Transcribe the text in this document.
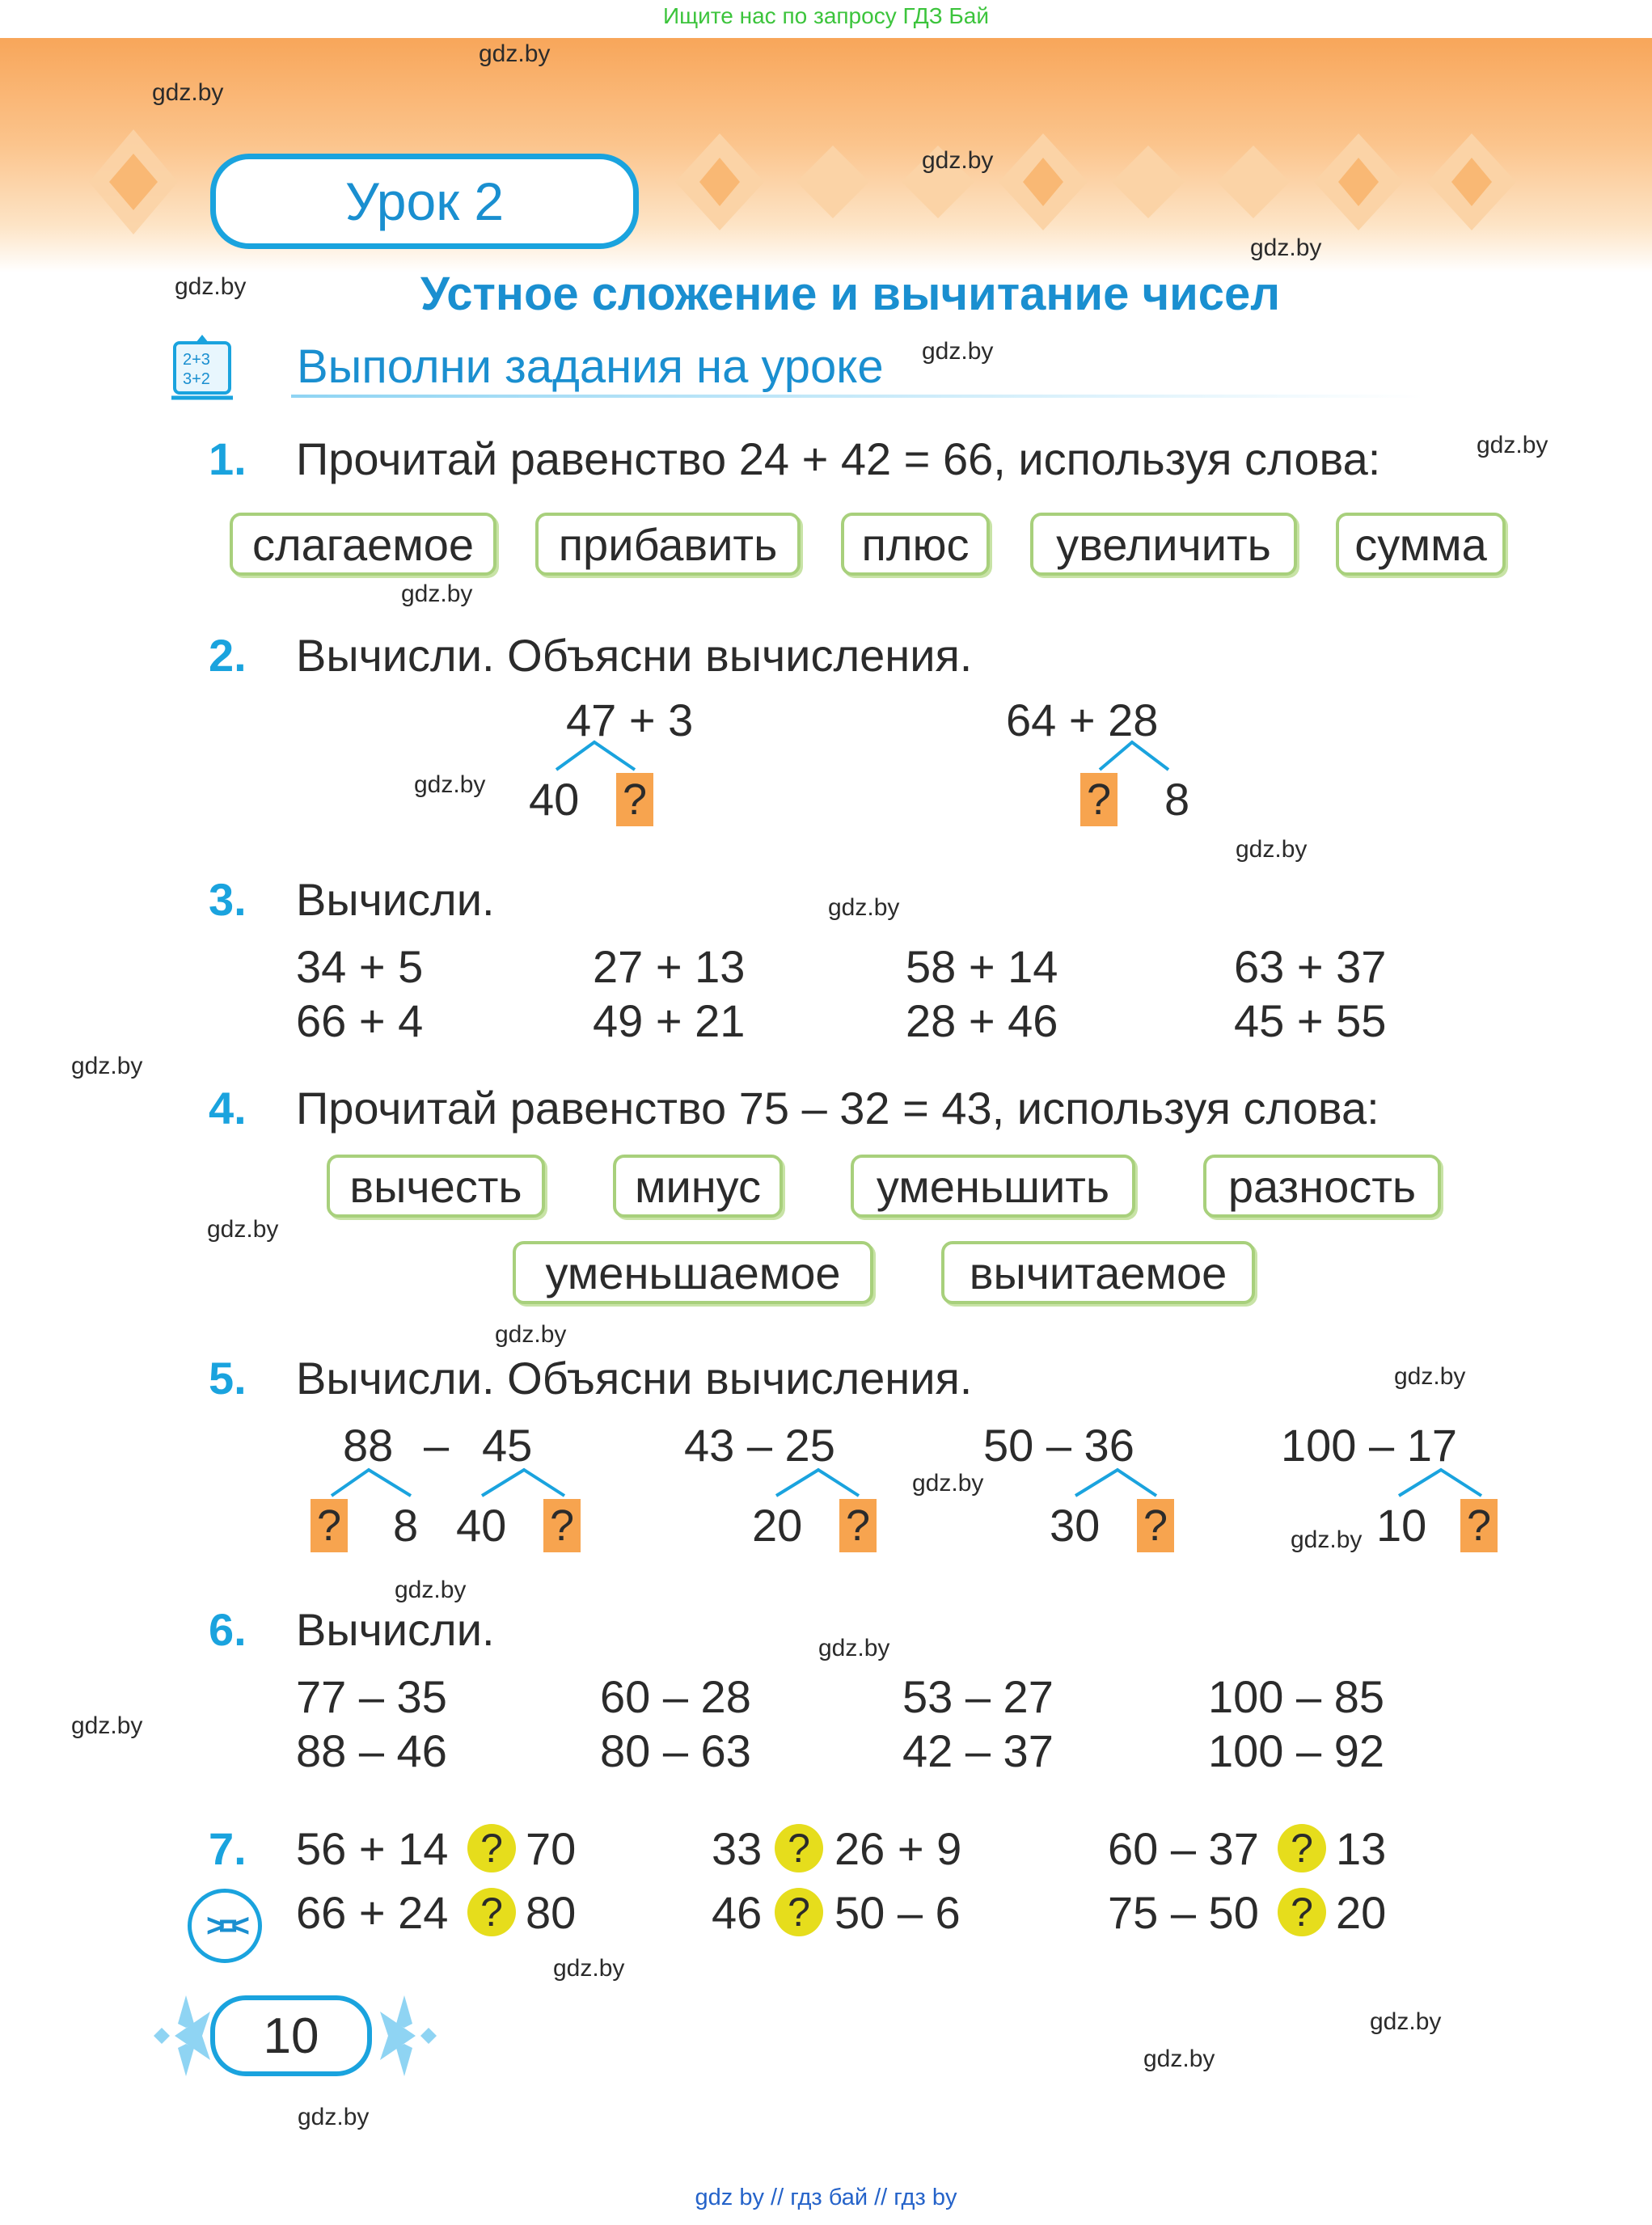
Ищите нас по запросу ГДЗ Бай
Урок 2
Устное сложение и вычитание чисел
2+3
3+2 Выполни задания на уроке
1. Прочитай равенство 24 + 42 = 66, используя слова:
слагаемое	прибавить	плюс	увеличить	сумма
2. Вычисли. Объясни вычисления.
47 + 3
40 ?
64 + 28
? 8
3. Вычисли.
34 + 5	27 + 13	58 + 14	63 + 37
66 + 4	49 + 21	28 + 46	45 + 55
4. Прочитай равенство 75 – 32 = 43, используя слова:
вычесть	минус	уменьшить	разность
уменьшаемое	вычитаемое
5. Вычисли. Объясни вычисления.
88 – 45
? 8 40 ?
43 – 25
20 ?
50 – 36
30 ?
100 – 17
10 ?
6. Вычисли.
77 – 35	60 – 28	53 – 27	100 – 85
88 – 46	80 – 63	42 – 37	100 – 92
7.
>=<
56 + 14 ? 70	33 ? 26 + 9	60 – 37 ? 13
66 + 24 ? 80	46 ? 50 – 6	75 – 50 ? 20
10
gdz.by
gdz.by
gdz.by
gdz.by
gdz.by
gdz.by
gdz.by
gdz.by
gdz.by
gdz.by
gdz.by
gdz.by
gdz.by
gdz.by
gdz.by
gdz.by
gdz.by
gdz.by
gdz.by
gdz.by
gdz.by
gdz.by
gdz.by
gdz.by
gdz by // гдз бай // гдз by
